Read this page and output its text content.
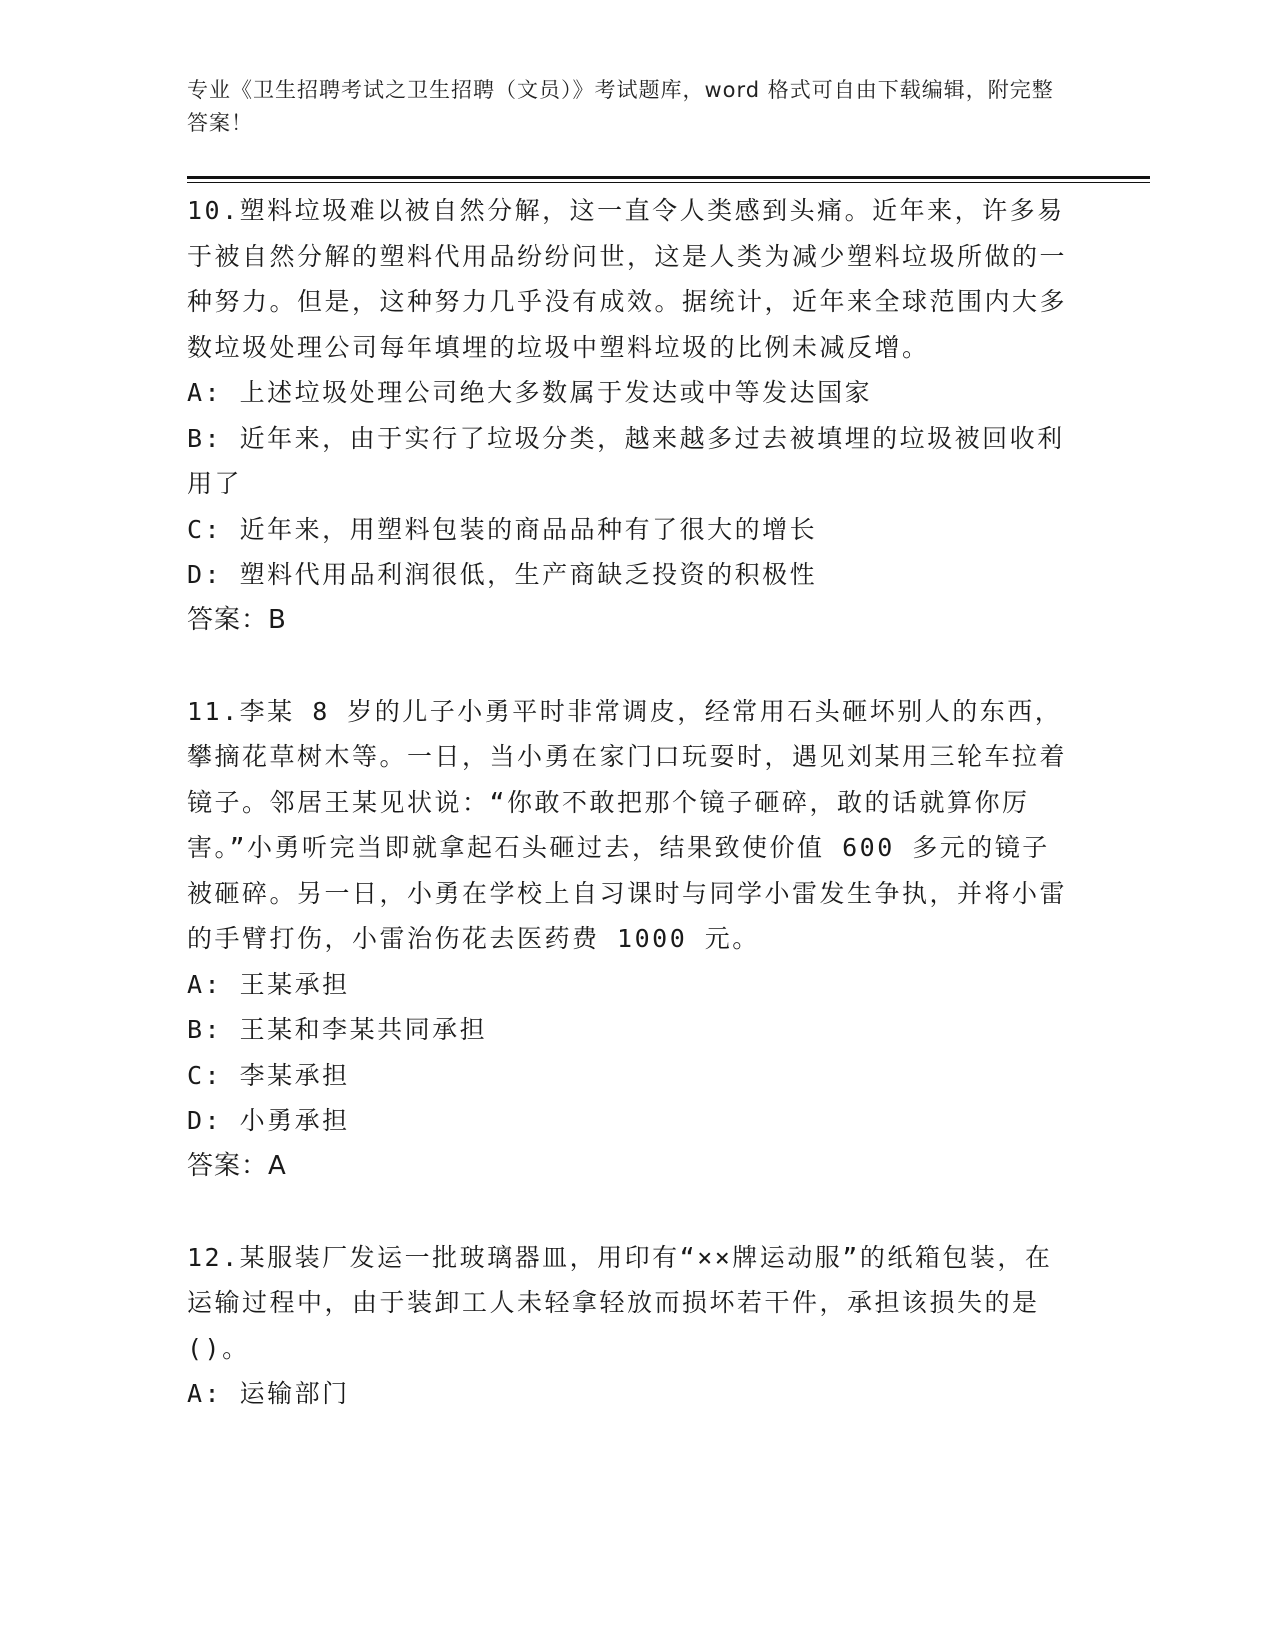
专业《卫生招聘考试之卫生招聘（文员）》考试题库，word 格式可自由下载编辑，附完整答案！

10.塑料垃圾难以被自然分解，这一直令人类感到头痛。近年来，许多易于被自然分解的塑料代用品纷纷问世，这是人类为减少塑料垃圾所做的一种努力。但是，这种努力几乎没有成效。据统计，近年来全球范围内大多数垃圾处理公司每年填埋的垃圾中塑料垃圾的比例未减反增。

A: 上述垃圾处理公司绝大多数属于发达或中等发达国家

B: 近年来，由于实行了垃圾分类，越来越多过去被填埋的垃圾被回收利用了

C: 近年来，用塑料包装的商品品种有了很大的增长

D: 塑料代用品利润很低，生产商缺乏投资的积极性

答案：B

11.李某 8 岁的儿子小勇平时非常调皮，经常用石头砸坏别人的东西，攀摘花草树木等。一日，当小勇在家门口玩耍时，遇见刘某用三轮车拉着镜子。邻居王某见状说：“你敢不敢把那个镜子砸碎，敢的话就算你厉害。”小勇听完当即就拿起石头砸过去，结果致使价值 600 多元的镜子被砸碎。另一日，小勇在学校上自习课时与同学小雷发生争执，并将小雷的手臂打伤，小雷治伤花去医药费 1000 元。

A: 王某承担

B: 王某和李某共同承担

C: 李某承担

D: 小勇承担

答案：A

12.某服装厂发运一批玻璃器皿，用印有“××牌运动服”的纸箱包装，在运输过程中，由于装卸工人未轻拿轻放而损坏若干件，承担该损失的是()。

A: 运输部门
